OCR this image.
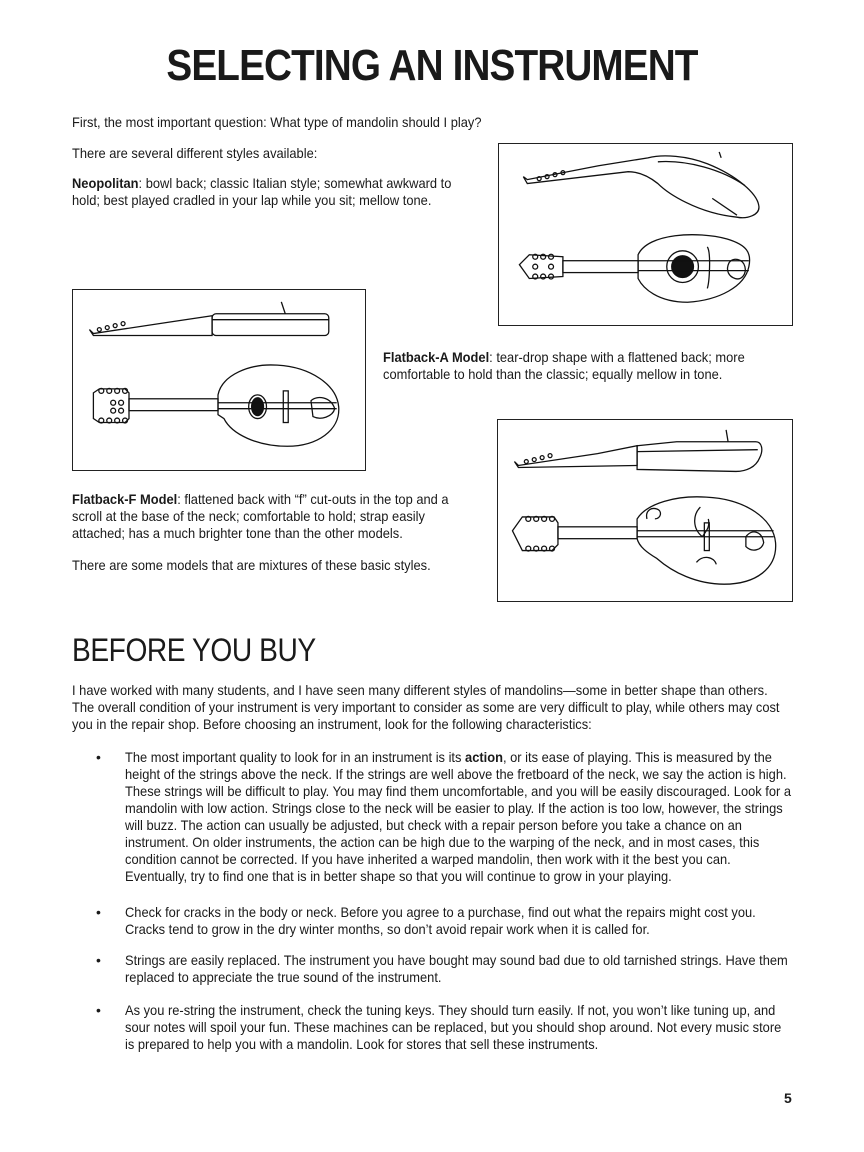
SELECTING AN INSTRUMENT

First, the most important question: What type of mandolin should I play?

There are several different styles available:

Neopolitan: bowl back; classic Italian style; somewhat awkward to hold; best played cradled in your lap while you sit; mellow tone.

Flatback-A Model: tear-drop shape with a flattened back; more comfortable to hold than the classic; equally mellow in tone.

Flatback-F Model: flattened back with “f” cut-outs in the top and a scroll at the base of the neck; comfortable to hold; strap easily attached; has a much brighter tone than the other models.

There are some models that are mixtures of these basic styles.

BEFORE YOU BUY

I have worked with many students, and I have seen many different styles of mandolins—some in better shape than others. The overall condition of your instrument is very important to consider as some are very difficult to play, while others may cost you in the repair shop. Before choosing an instrument, look for the following characteristics:

• The most important quality to look for in an instrument is its action, or its ease of playing. This is measured by the height of the strings above the neck. If the strings are well above the fretboard of the neck, we say the action is high. These strings will be difficult to play. You may find them uncomfortable, and you will be easily discouraged. Look for a mandolin with low action. Strings close to the neck will be easier to play. If the action is too low, however, the strings will buzz. The action can usually be adjusted, but check with a repair person before you take a chance on an instrument. On older instruments, the action can be high due to the warping of the neck, and in most cases, this condition cannot be corrected. If you have inherited a warped mandolin, then work with it the best you can. Eventually, try to find one that is in better shape so that you will continue to grow in your playing.

• Check for cracks in the body or neck. Before you agree to a purchase, find out what the repairs might cost you. Cracks tend to grow in the dry winter months, so don’t avoid repair work when it is called for.

• Strings are easily replaced. The instrument you have bought may sound bad due to old tarnished strings. Have them replaced to appreciate the true sound of the instrument.

• As you re-string the instrument, check the tuning keys. They should turn easily. If not, you won’t like tuning up, and sour notes will spoil your fun. These machines can be replaced, but you should shop around. Not every music store is prepared to help you with a mandolin. Look for stores that sell these instruments.

5
